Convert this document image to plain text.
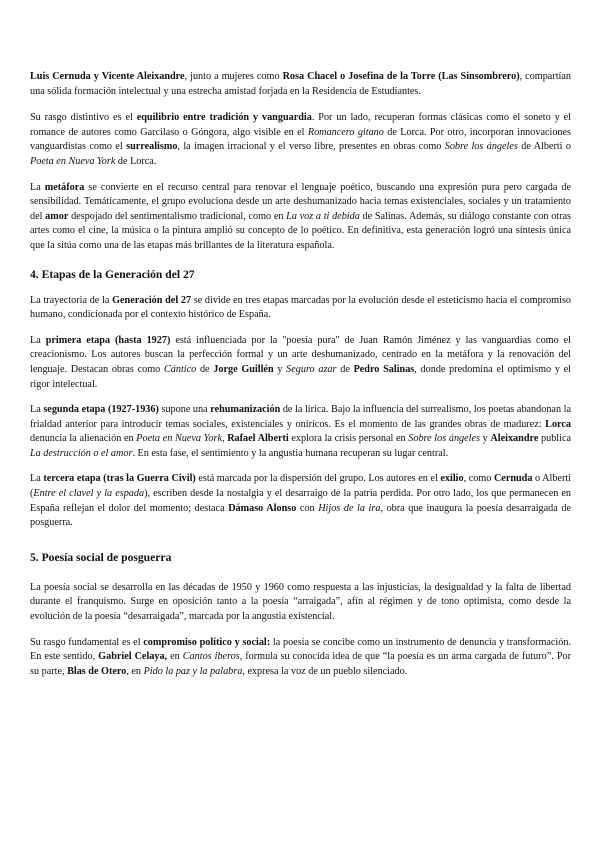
Luis Cernuda y Vicente Aleixandre, junto a mujeres como Rosa Chacel o Josefina de la Torre (Las Sinsombrero), compartían una sólida formación intelectual y una estrecha amistad forjada en la Residencia de Estudiantes.

Su rasgo distintivo es el equilibrio entre tradición y vanguardia. Por un lado, recuperan formas clásicas como el soneto y el romance de autores como Garcilaso o Góngora, algo visible en el Romancero gitano de Lorca. Por otro, incorporan innovaciones vanguardistas como el surrealismo, la imagen irracional y el verso libre, presentes en obras como Sobre los ángeles de Alberti o Poeta en Nueva York de Lorca.

La metáfora se convierte en el recurso central para renovar el lenguaje poético, buscando una expresión pura pero cargada de sensibilidad. Temáticamente, el grupo evoluciona desde un arte deshumanizado hacia temas existenciales, sociales y un tratamiento del amor despojado del sentimentalismo tradicional, como en La voz a ti debida de Salinas. Además, su diálogo constante con otras artes como el cine, la música o la pintura amplió su concepto de lo poético. En definitiva, esta generación logró una síntesis única que la sitúa como una de las etapas más brillantes de la literatura española.

4. Etapas de la Generación del 27

La trayectoria de la Generación del 27 se divide en tres etapas marcadas por la evolución desde el esteticismo hacia el compromiso humano, condicionada por el contexto histórico de España.

La primera etapa (hasta 1927) está influenciada por la "poesía pura" de Juan Ramón Jiménez y las vanguardias como el creacionismo. Los autores buscan la perfección formal y un arte deshumanizado, centrado en la metáfora y la renovación del lenguaje. Destacan obras como Cántico de Jorge Guillén y Seguro azar de Pedro Salinas, donde predomina el optimismo y el rigor intelectual.

La segunda etapa (1927-1936) supone una rehumanización de la lírica. Bajo la influencia del surrealismo, los poetas abandonan la frialdad anterior para introducir temas sociales, existenciales y oníricos. Es el momento de las grandes obras de madurez: Lorca denuncia la alienación en Poeta en Nueva York, Rafael Alberti explora la crisis personal en Sobre los ángeles y Aleixandre publica La destrucción o el amor. En esta fase, el sentimiento y la angustia humana recuperan su lugar central.

La tercera etapa (tras la Guerra Civil) está marcada por la dispersión del grupo. Los autores en el exilio, como Cernuda o Alberti (Entre el clavel y la espada), escriben desde la nostalgia y el desarraigo de la patria perdida. Por otro lado, los que permanecen en España reflejan el dolor del momento; destaca Dámaso Alonso con Hijos de la ira, obra que inaugura la poesía desarraigada de posguerra.

5. Poesía social de posguerra

La poesía social se desarrolla en las décadas de 1950 y 1960 como respuesta a las injusticias, la desigualdad y la falta de libertad durante el franquismo. Surge en oposición tanto a la poesía “arraigada”, afín al régimen y de tono optimista, como desde la evolución de la poesía “desarraigada”, marcada por la angustia existencial.

Su rasgo fundamental es el compromiso político y social: la poesía se concibe como un instrumento de denuncia y transformación. En este sentido, Gabriel Celaya, en Cantos iberos, formula su conocida idea de que “la poesía es un arma cargada de futuro”. Por su parte, Blas de Otero, en Pido la paz y la palabra, expresa la voz de un pueblo silenciado.
